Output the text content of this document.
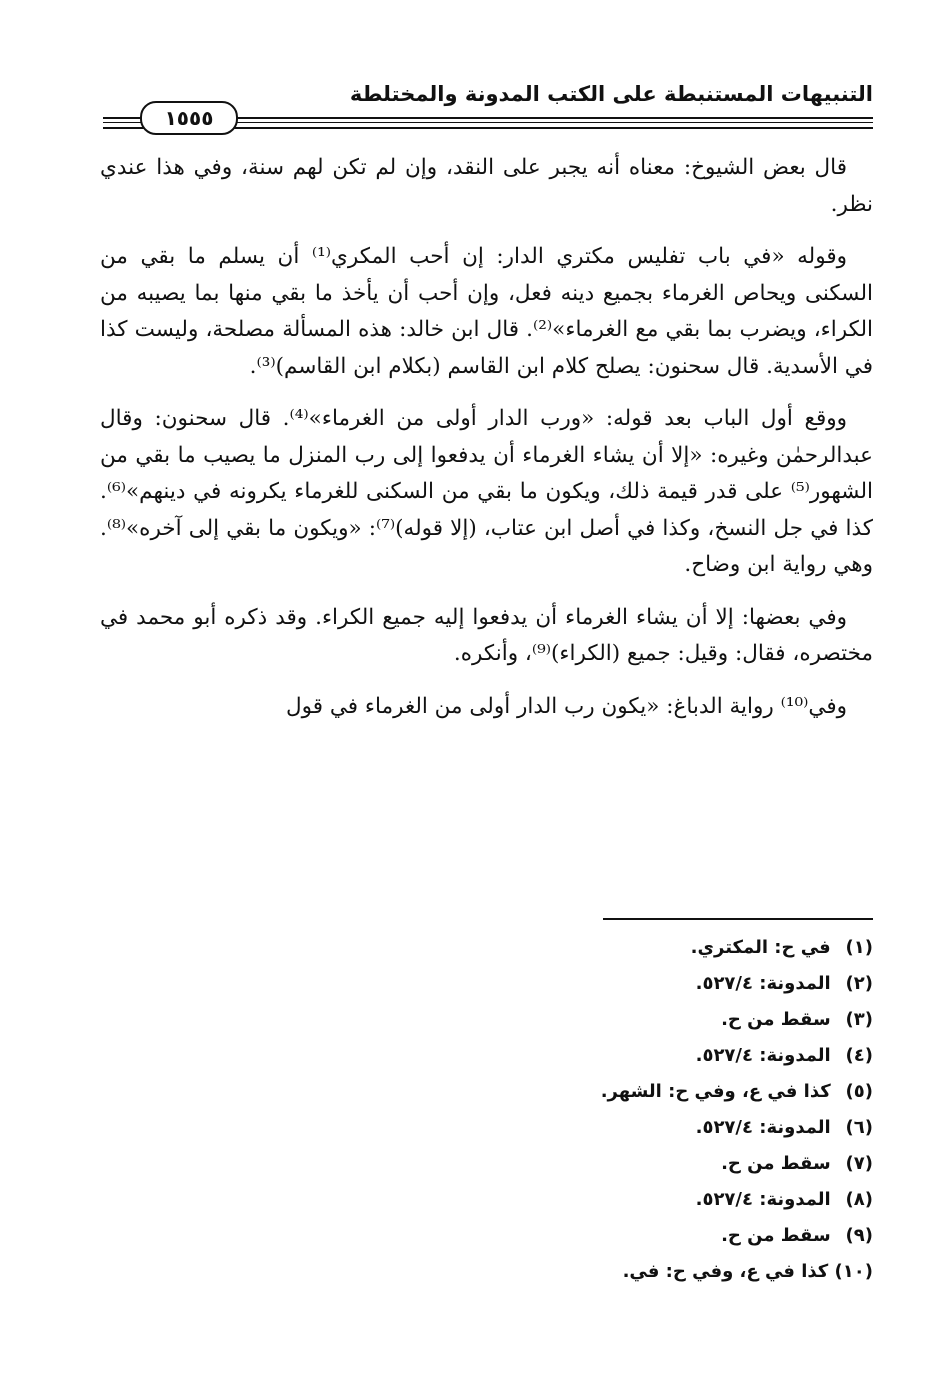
التنبيهات المستنبطة على الكتب المدونة والمختلطة
١٥٥٥

قال بعض الشيوخ: معناه أنه يجبر على النقد، وإن لم تكن لهم سنة، وفي هذا عندي نظر.

وقوله «في باب تفليس مكتري الدار: إن أحب المكري⁽¹⁾ أن يسلم ما بقي من السكنى ويحاص الغرماء بجميع دينه فعل، وإن أحب أن يأخذ ما بقي منها بما يصيبه من الكراء، ويضرب بما بقي مع الغرماء»⁽²⁾. قال ابن خالد: هذه المسألة مصلحة، وليست كذا في الأسدية. قال سحنون: يصلح كلام ابن القاسم (بكلام ابن القاسم)⁽³⁾.

ووقع أول الباب بعد قوله: «ورب الدار أولى من الغرماء»⁽⁴⁾. قال سحنون: وقال عبدالرحمٰن وغيره: «إلا أن يشاء الغرماء أن يدفعوا إلى رب المنزل ما يصيب ما بقي من الشهور⁽⁵⁾ على قدر قيمة ذلك، ويكون ما بقي من السكنى للغرماء يكرونه في دينهم»⁽⁶⁾. كذا في جل النسخ، وكذا في أصل ابن عتاب، (إلا قوله)⁽⁷⁾: «ويكون ما بقي إلى آخره»⁽⁸⁾. وهي رواية ابن وضاح.

وفي بعضها: إلا أن يشاء الغرماء أن يدفعوا إليه جميع الكراء. وقد ذكره أبو محمد في مختصره، فقال: وقيل: جميع (الكراء)⁽⁹⁾، وأنكره.

وفي⁽¹⁰⁾ رواية الدباغ: «يكون رب الدار أولى من الغرماء في قول

(١) في ح: المكتري.
(٢) المدونة: ٥٢٧/٤.
(٣) سقط من ح.
(٤) المدونة: ٥٢٧/٤.
(٥) كذا في ع، وفي ح: الشهر.
(٦) المدونة: ٥٢٧/٤.
(٧) سقط من ح.
(٨) المدونة: ٥٢٧/٤.
(٩) سقط من ح.
(١٠) كذا في ع، وفي ح: في.
